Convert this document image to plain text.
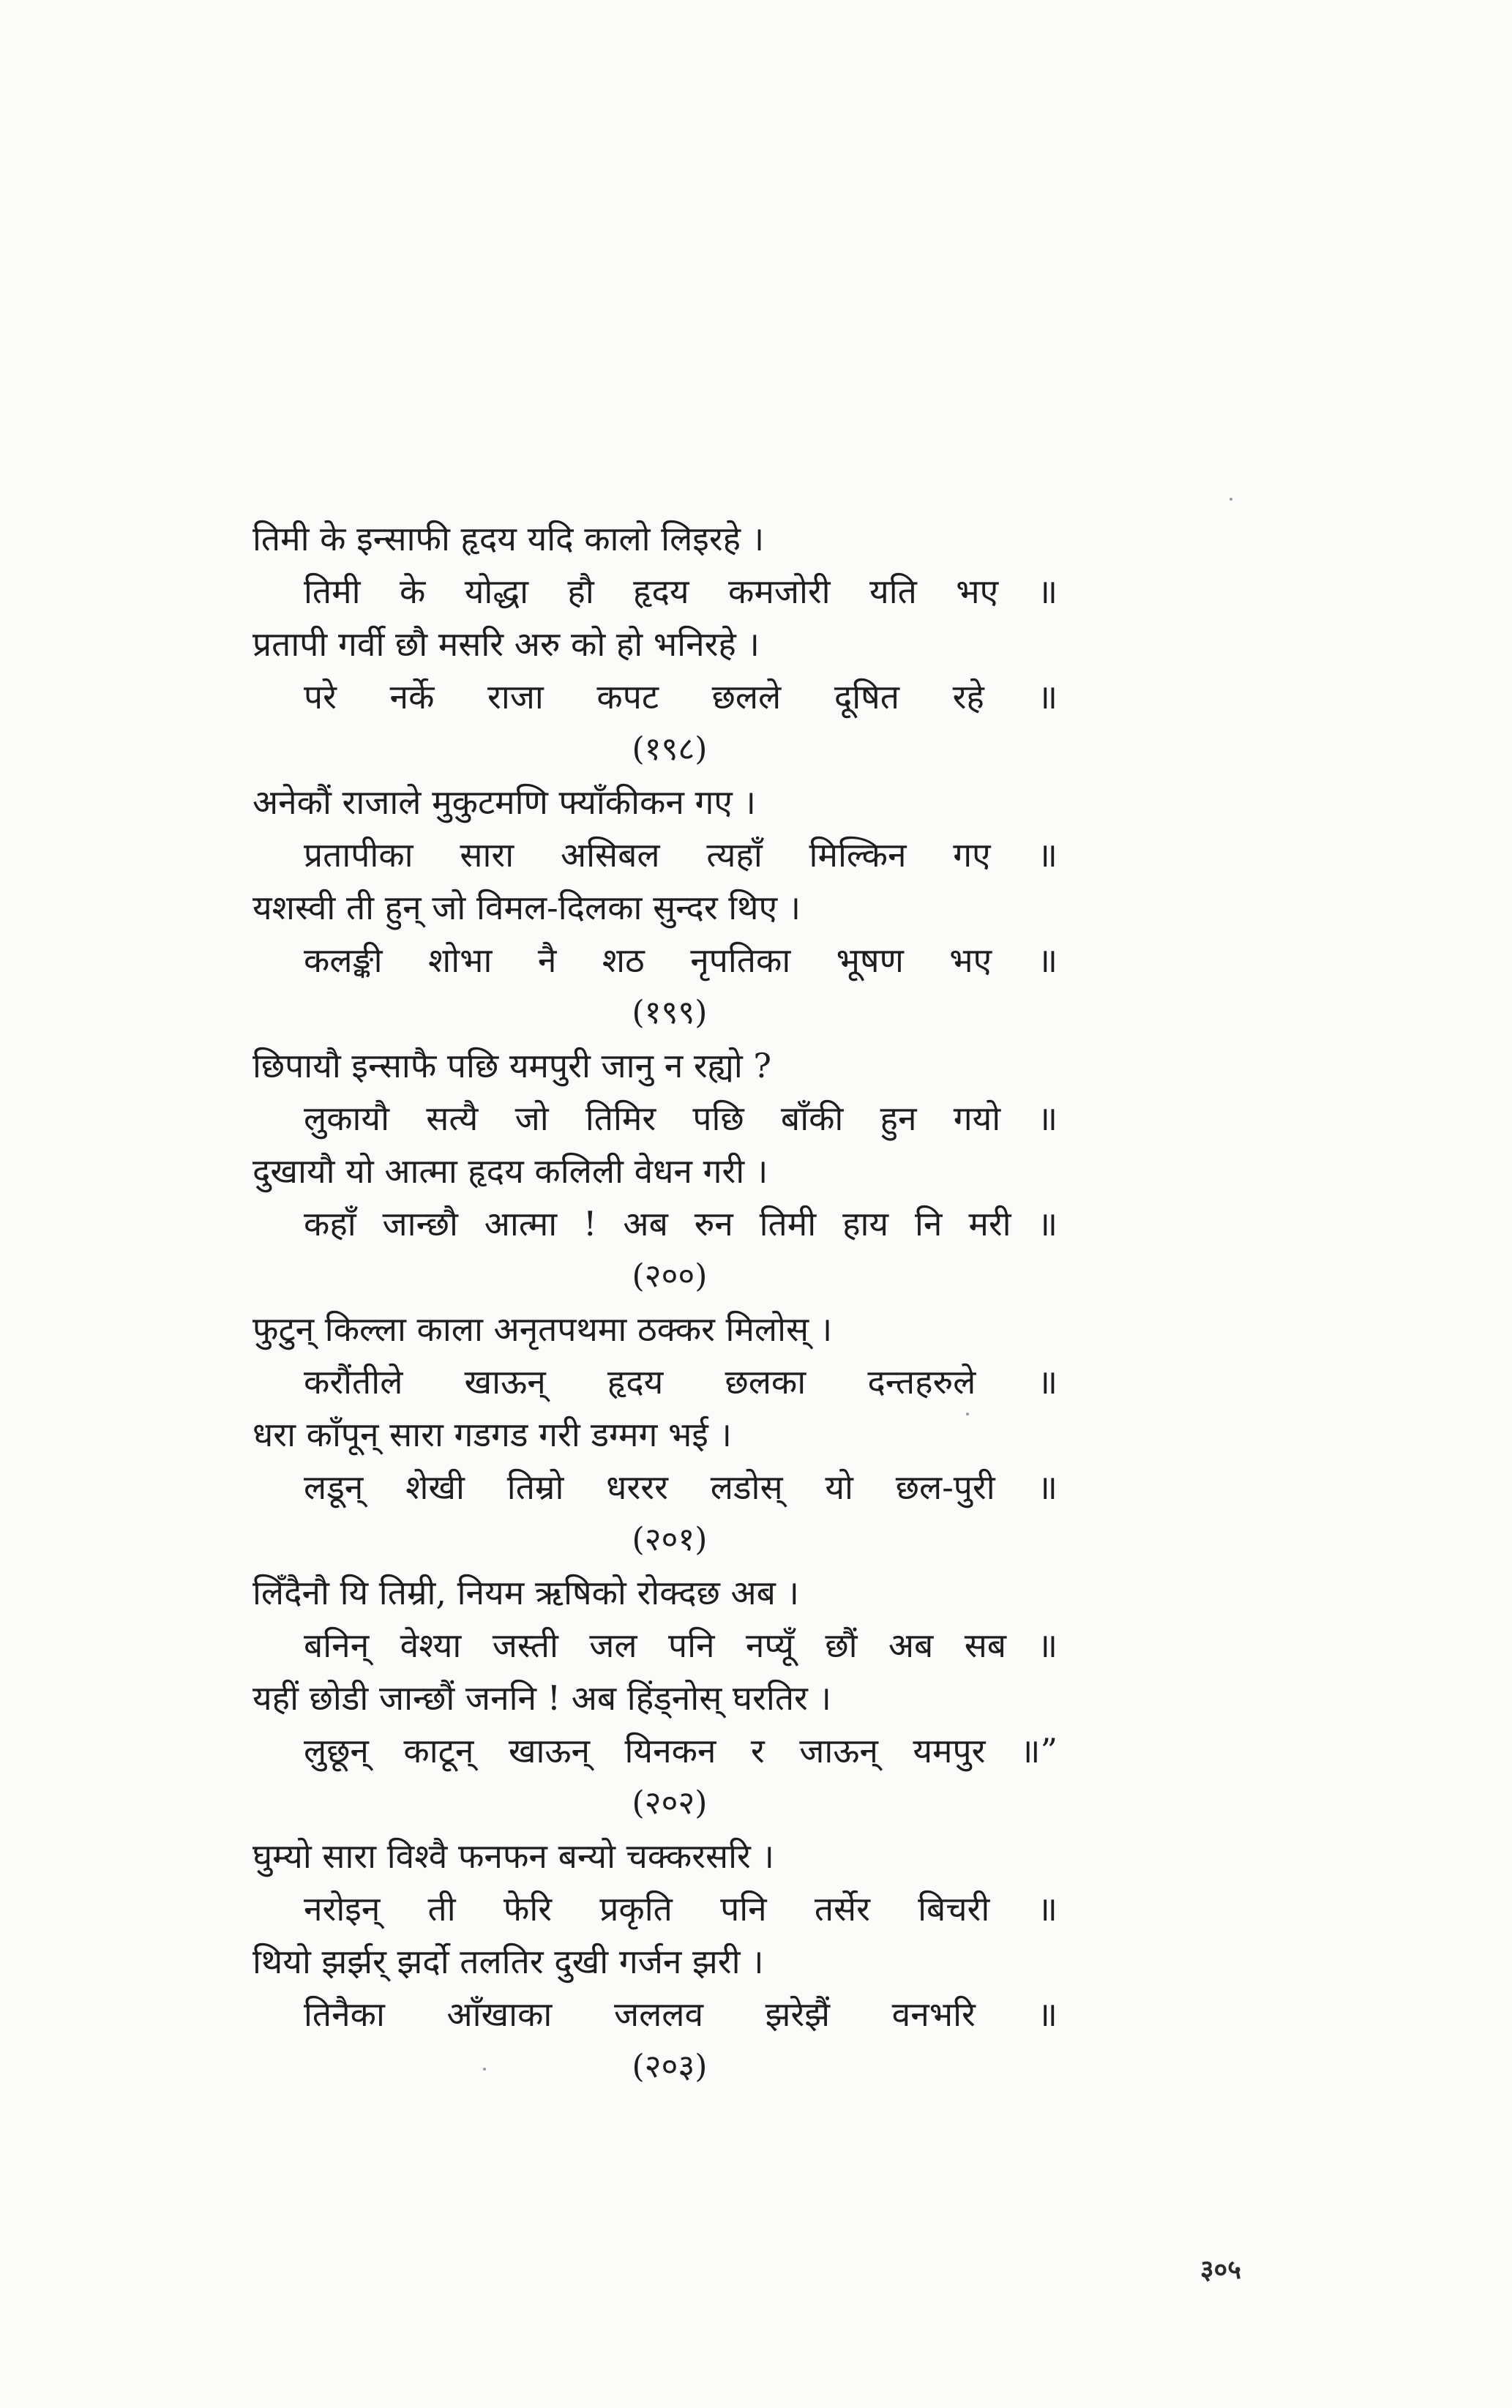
तिमी के इन्साफी हृदय यदि कालो लिइरहे ।
तिमी के योद्धा हौ हृदय कमजोरी यति भए ॥
प्रतापी गर्वी छौ मसरि अरु को हो भनिरहे ।
परे नर्के राजा कपट छलले दूषित रहे ॥
(१९८)
अनेकौं राजाले मुकुटमणि फ्याँकीकन गए ।
प्रतापीका सारा असिबल त्यहाँ मिल्किन गए ॥
यशस्वी ती हुन् जो विमल-दिलका सुन्दर थिए ।
कलङ्की शोभा नै शठ नृपतिका भूषण भए ॥
(१९९)
छिपायौ इन्साफै पछि यमपुरी जानु न रह्यो ?
लुकायौ सत्यै जो तिमिर पछि बाँकी हुन गयो ॥
दुखायौ यो आत्मा हृदय कलिली वेधन गरी ।
कहाँ जान्छौ आत्मा ! अब रुन तिमी हाय नि मरी ॥
(२००)
फुटुन् किल्ला काला अनृतपथमा ठक्कर मिलोस् ।
करौंतीले खाऊन् हृदय छलका दन्तहरुले ॥
धरा काँपून् सारा गडगड गरी डग्मग भई ।
लडून् शेखी तिम्रो धररर लडोस् यो छल-पुरी ॥
(२०१)
लिँदैनौ यि तिम्री, नियम ऋषिको रोक्दछ अब ।
बनिन् वेश्या जस्ती जल पनि नप्यूँ छौं अब सब ॥
यहीं छोडी जान्छौं जननि ! अब हिंड्नोस् घरतिर ।
लुछून् काटून् खाऊन् यिनकन र जाऊन् यमपुर ॥”
(२०२)
घुम्यो सारा विश्वै फनफन बन्यो चक्करसरि ।
नरोइन् ती फेरि प्रकृति पनि तर्सेर बिचरी ॥
थियो झर्झर् झर्दो तलतिर दुखी गर्जन झरी ।
तिनैका आँखाका जललव झरेझैं वनभरि ॥
(२०३)
३०५
